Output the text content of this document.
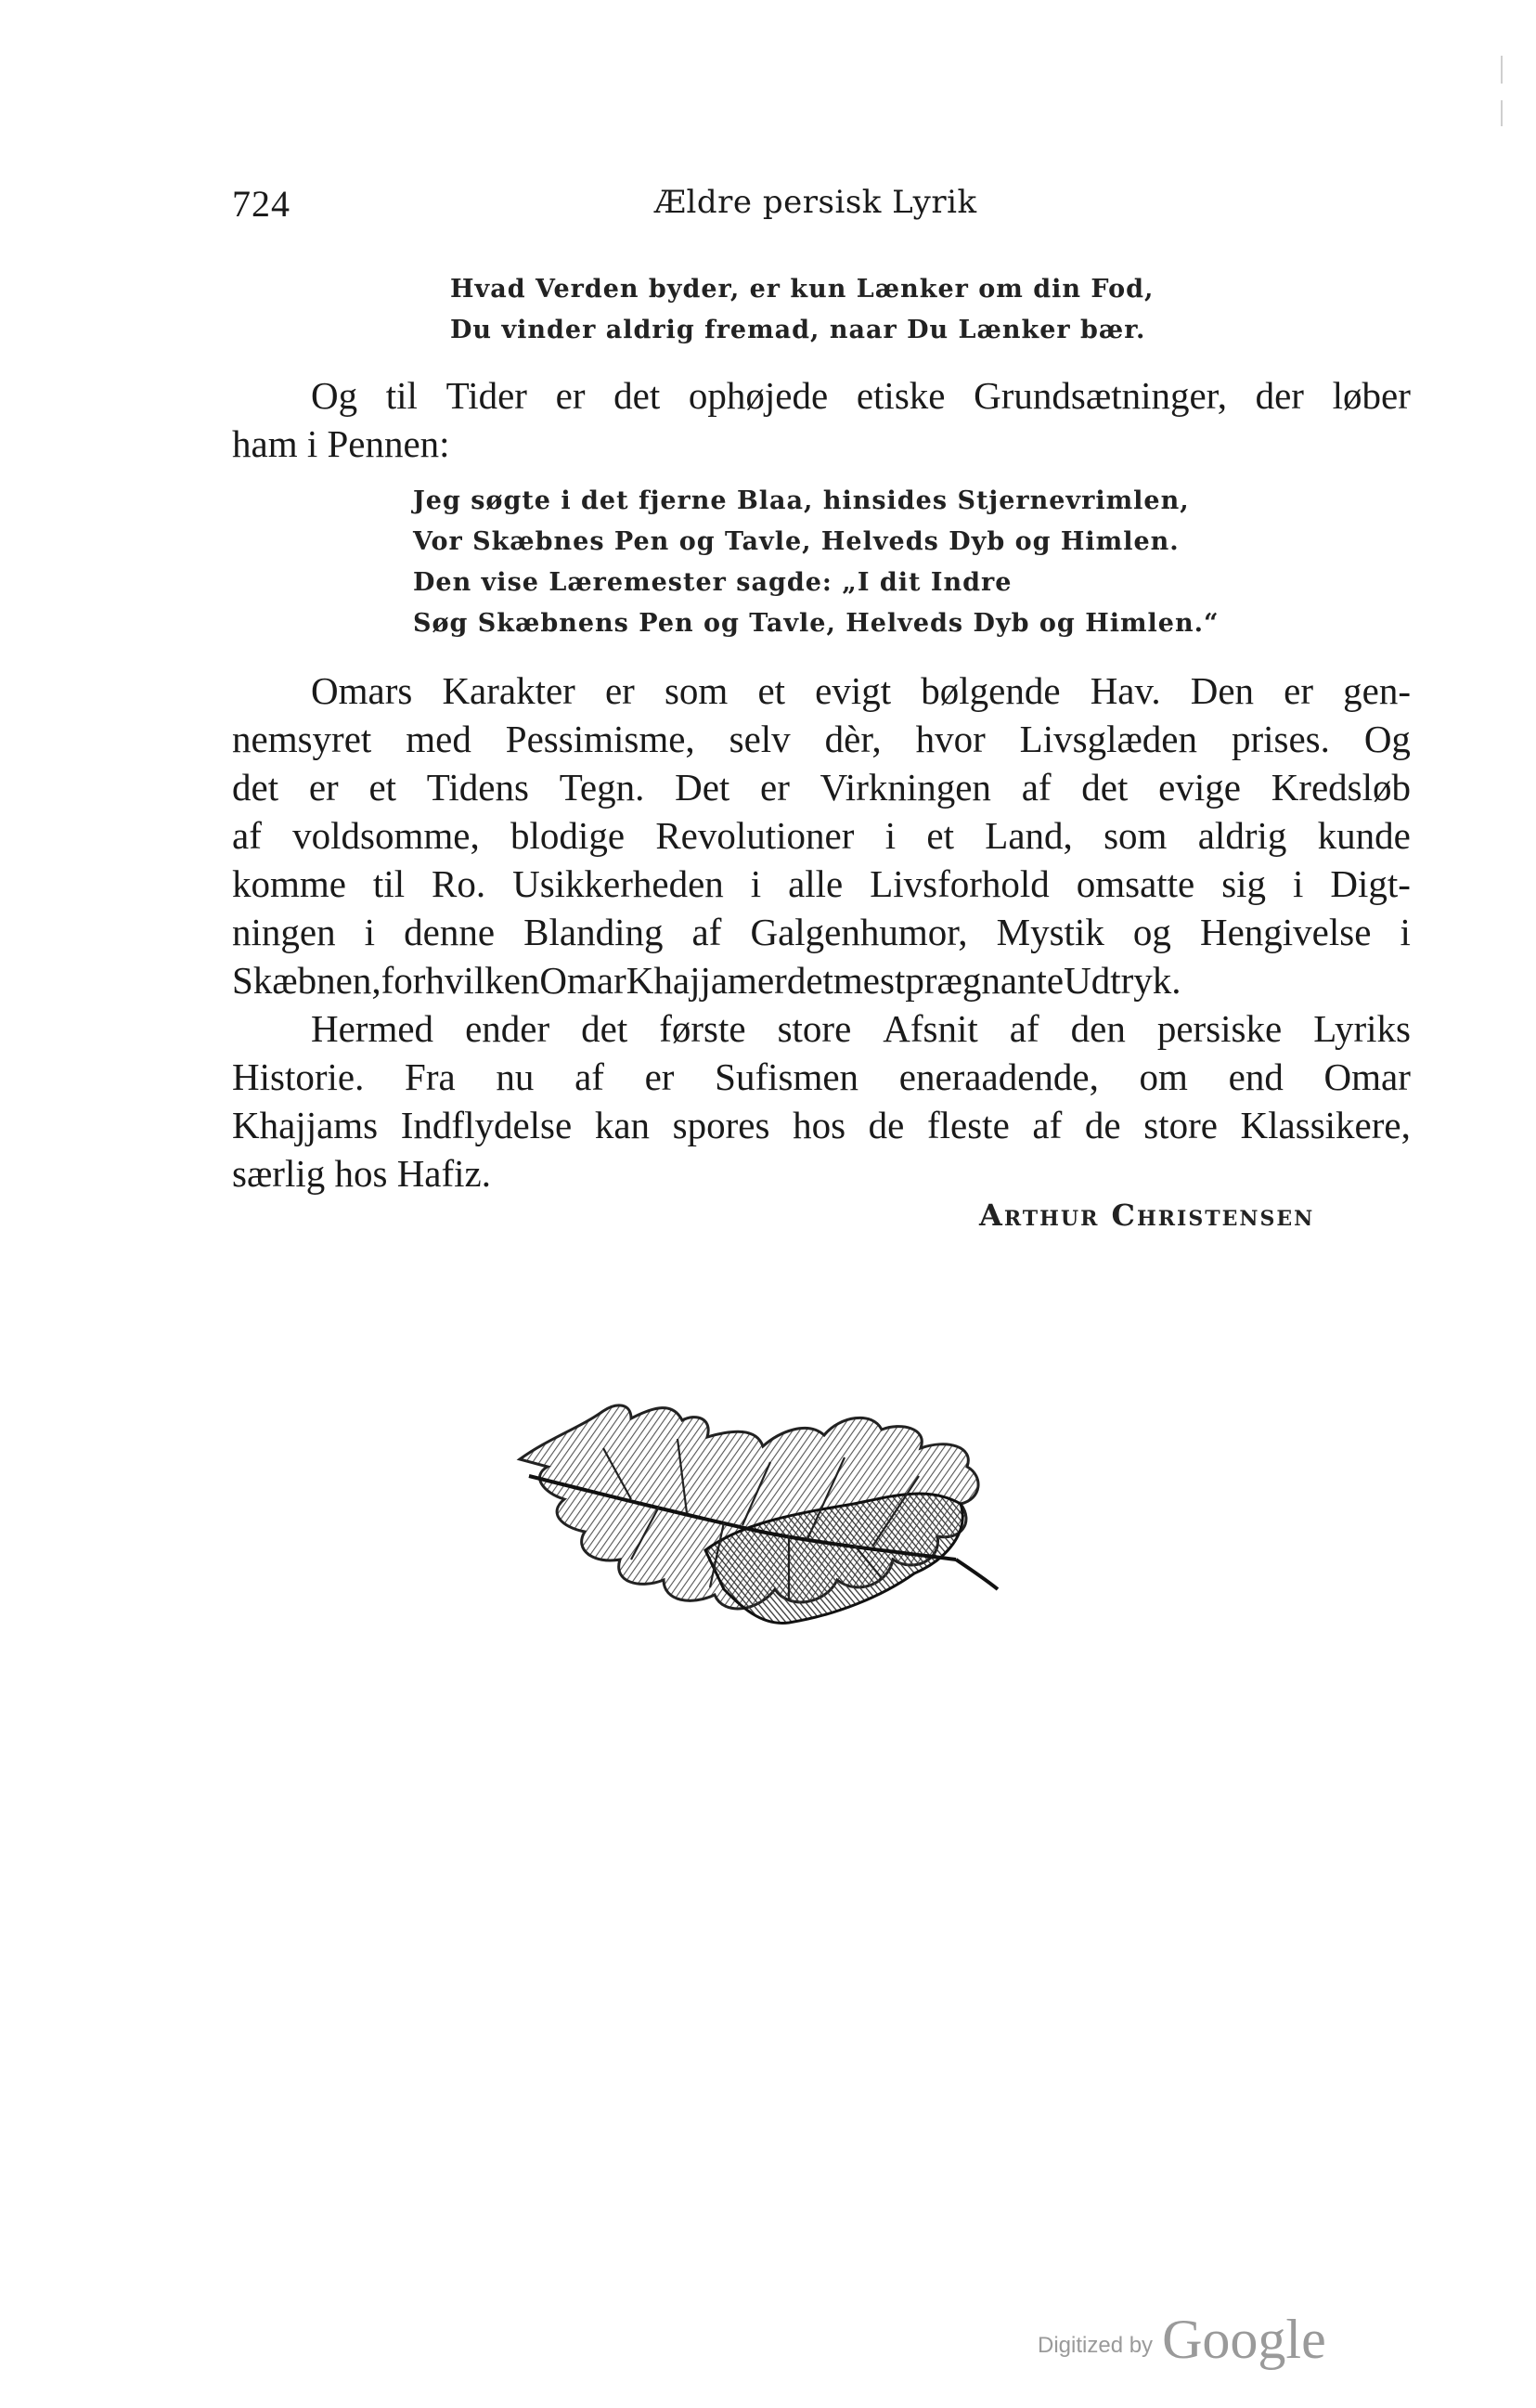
724	Ældre persisk Lyrik
Hvad Verden byder, er kun Lænker om din Fod,
Du vinder aldrig fremad, naar Du Lænker bær.
Og til Tider er det ophøjede etiske Grundsætninger, der løber
ham i Pennen:
Jeg søgte i det fjerne Blaa, hinsides Stjernevrimlen,
Vor Skæbnes Pen og Tavle, Helveds Dyb og Himlen.
Den vise Læremester sagde: „I dit Indre
Søg Skæbnens Pen og Tavle, Helveds Dyb og Himlen.“
Omars Karakter er som et evigt bølgende Hav. Den er gen-
nemsyret med Pessimisme, selv dèr, hvor Livsglæden prises. Og
det er et Tidens Tegn. Det er Virkningen af det evige Kredsløb
af voldsomme, blodige Revolutioner i et Land, som aldrig kunde
komme til Ro. Usikkerheden i alle Livsforhold omsatte sig i Digt-
ningen i denne Blanding af Galgenhumor, Mystik og Hengivelse i
Skæbnen, for hvilken Omar Khajjam er det mest prægnante Udtryk.
Hermed ender det første store Afsnit af den persiske Lyriks
Historie. Fra nu af er Sufismen eneraadende, om end Omar
Khajjams Indflydelse kan spores hos de fleste af de store Klassikere,
særlig hos Hafiz.
Arthur Christensen
Digitized by Google
